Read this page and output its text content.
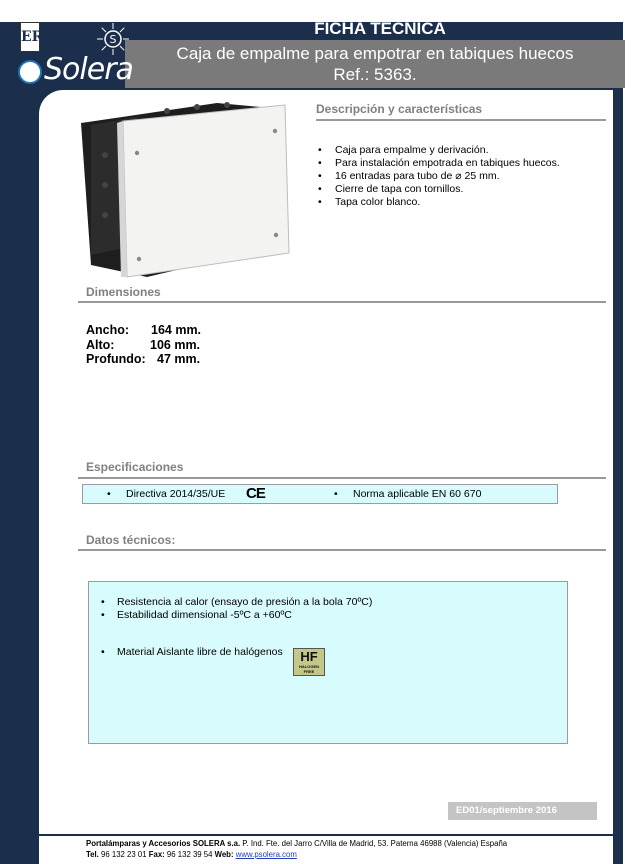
ER	S
Solera
FICHA TÉCNICA
Caja de empalme para empotrar en tabiques huecos
Ref.: 5363.
Descripción y características
• Caja para empalme y derivación.
• Para instalación empotrada en tabiques huecos.
• 16 entradas para tubo de ⌀ 25 mm.
• Cierre de tapa con tornillos.
• Tapa color blanco.
Dimensiones
Ancho:	164 mm.
Alto:	106 mm.
Profundo: 47 mm.
Especificaciones
• Directiva 2014/35/UE CE	• Norma aplicable EN 60 670
Datos técnicos:
• Resistencia al calor (ensayo de presión a la bola 70ºC)
• Estabilidad dimensional -5ºC a +60ºC
• Material Aislante libre de halógenos	HF
HALOGEN FREE
ED01/septiembre 2016
Portalámparas y Accesorios SOLERA s.a. P. Ind. Fte. del Jarro C/Villa de Madrid, 53. Paterna 46988 (Valencia) España
Tel. 96 132 23 01 Fax: 96 132 39 54 Web: www.psolera.com
